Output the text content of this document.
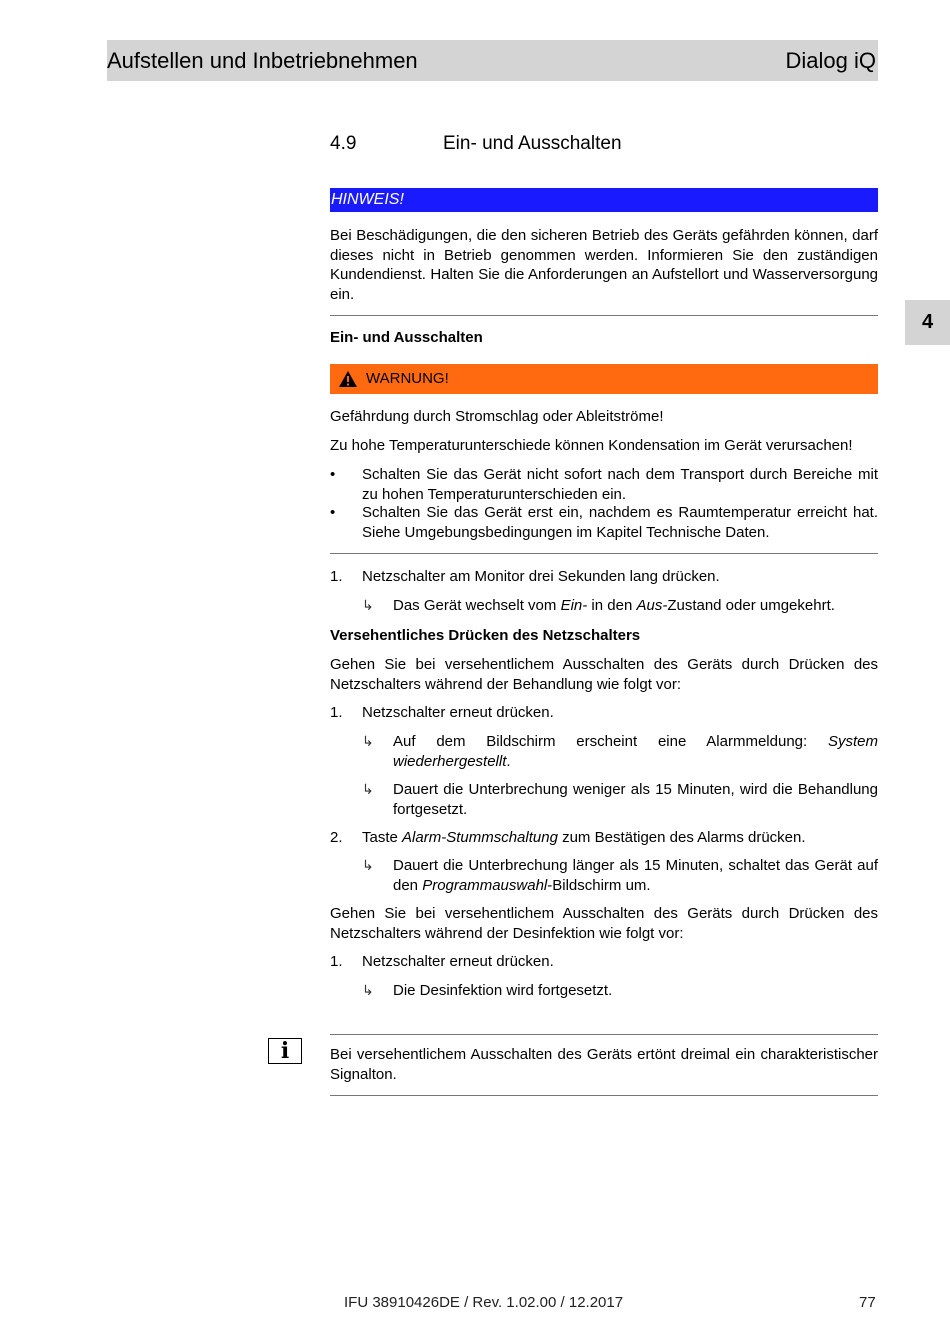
Aufstellen und Inbetriebnehmen	Dialog iQ
4
4.9	Ein- und Ausschalten
HINWEIS!

Bei Beschädigungen, die den sicheren Betrieb des Geräts gefährden können, darf dieses nicht in Betrieb genommen werden. Informieren Sie den zuständigen Kundendienst. Halten Sie die Anforderungen an Aufstellort und Wasserversorgung ein.

Ein- und Ausschalten
WARNUNG!

Gefährdung durch Stromschlag oder Ableitströme!

Zu hohe Temperaturunterschiede können Kondensation im Gerät verursachen!

• Schalten Sie das Gerät nicht sofort nach dem Transport durch Bereiche mit zu hohen Temperaturunterschieden ein.
• Schalten Sie das Gerät erst ein, nachdem es Raumtemperatur erreicht hat. Siehe Umgebungsbedingungen im Kapitel Technische Daten.
1. Netzschalter am Monitor drei Sekunden lang drücken.
↳ Das Gerät wechselt vom Ein- in den Aus-Zustand oder umgekehrt.
Versehentliches Drücken des Netzschalters

Gehen Sie bei versehentlichem Ausschalten des Geräts durch Drücken des Netzschalters während der Behandlung wie folgt vor:

1. Netzschalter erneut drücken.
↳ Auf dem Bildschirm erscheint eine Alarmmeldung: System wiederhergestellt.
↳ Dauert die Unterbrechung weniger als 15 Minuten, wird die Behandlung fortgesetzt.
2. Taste Alarm-Stummschaltung zum Bestätigen des Alarms drücken.
↳ Dauert die Unterbrechung länger als 15 Minuten, schaltet das Gerät auf den Programmauswahl-Bildschirm um.

Gehen Sie bei versehentlichem Ausschalten des Geräts durch Drücken des Netzschalters während der Desinfektion wie folgt vor:

1. Netzschalter erneut drücken.
↳ Die Desinfektion wird fortgesetzt.
i	Bei versehentlichem Ausschalten des Geräts ertönt dreimal ein charakteristischer Signalton.

IFU 38910426DE / Rev. 1.02.00 / 12.2017	77
